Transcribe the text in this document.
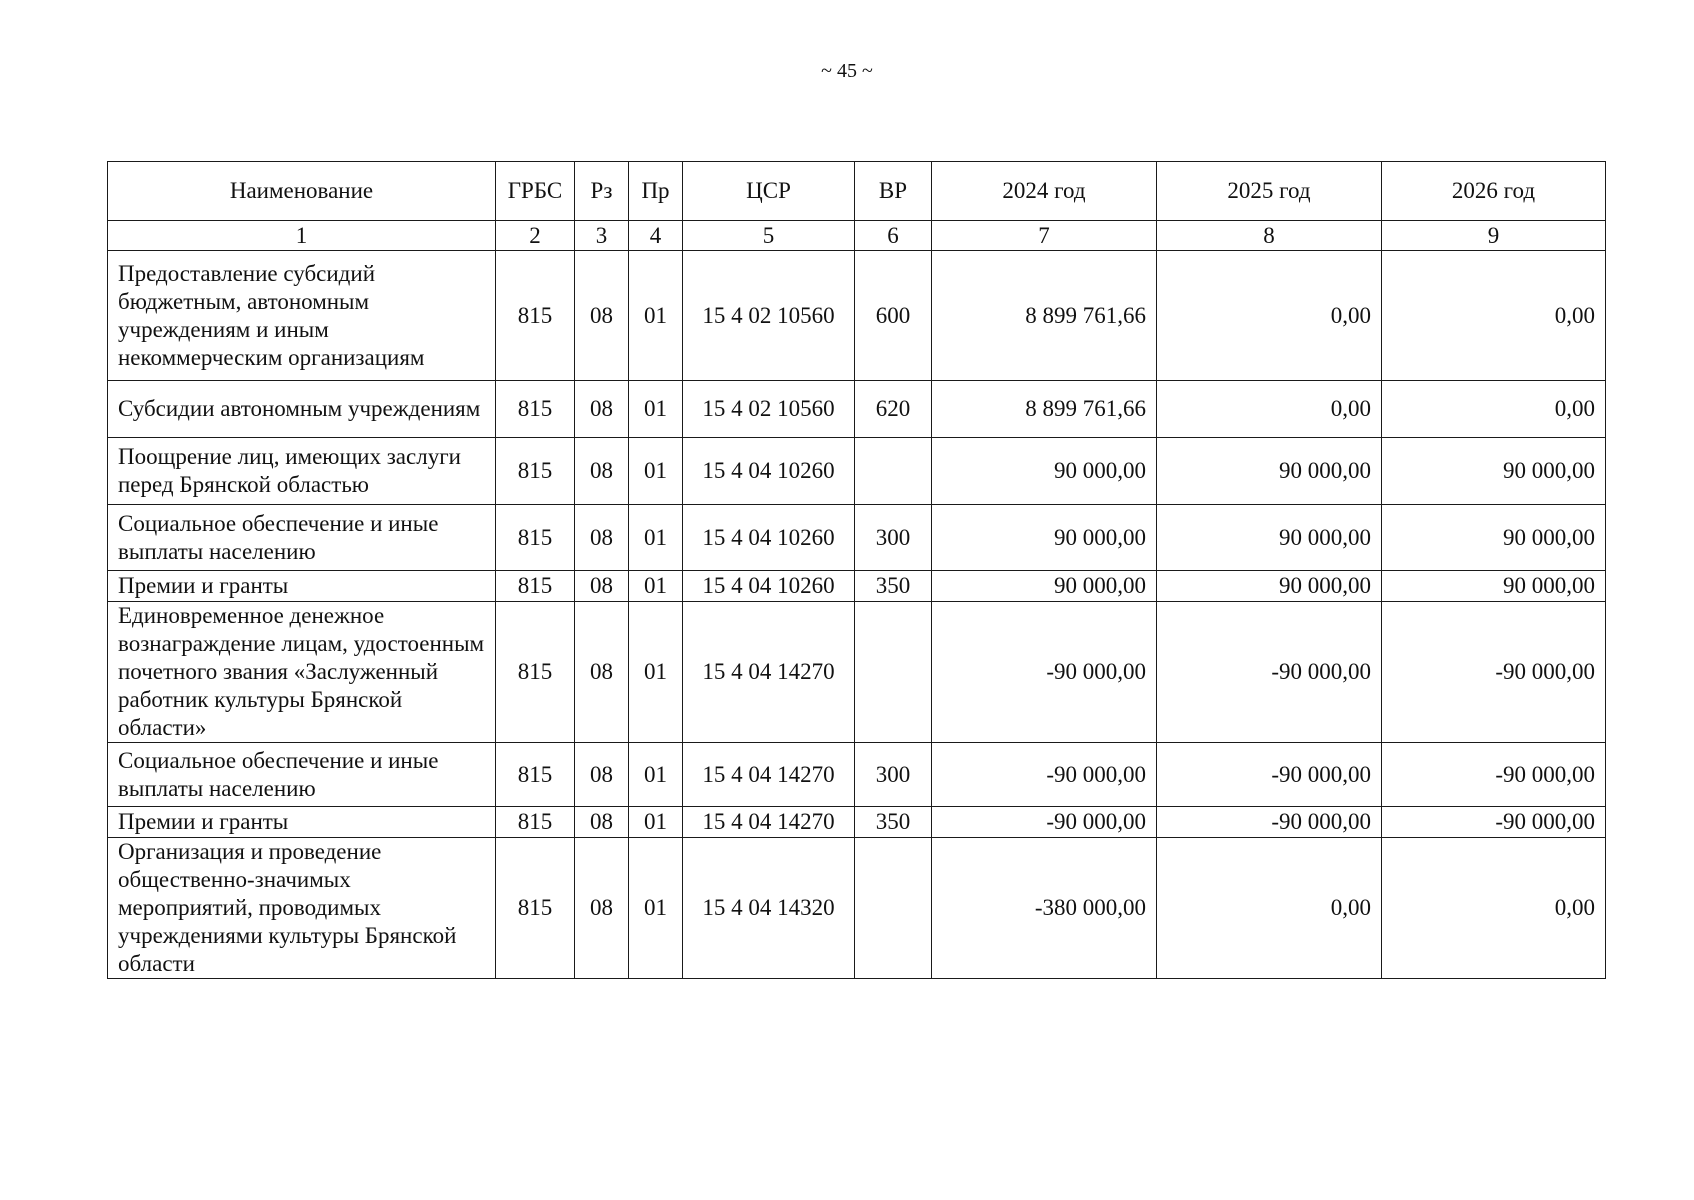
~ 45 ~
Наименование	ГРБС	Рз	Пр	ЦСР	ВР	2024 год	2025 год	2026 год
1	2	3	4	5	6	7	8	9
Предоставление субсидий бюджетным, автономным учреждениям и иным некоммерческим организациям	815	08	01	15 4 02 10560	600	8 899 761,66	0,00	0,00
Субсидии автономным учреждениям	815	08	01	15 4 02 10560	620	8 899 761,66	0,00	0,00
Поощрение лиц, имеющих заслуги перед Брянской областью	815	08	01	15 4 04 10260		90 000,00	90 000,00	90 000,00
Социальное обеспечение и иные выплаты населению	815	08	01	15 4 04 10260	300	90 000,00	90 000,00	90 000,00
Премии и гранты	815	08	01	15 4 04 10260	350	90 000,00	90 000,00	90 000,00
Единовременное денежное вознаграждение лицам, удостоенным почетного звания «Заслуженный работник культуры Брянской области»	815	08	01	15 4 04 14270		-90 000,00	-90 000,00	-90 000,00
Социальное обеспечение и иные выплаты населению	815	08	01	15 4 04 14270	300	-90 000,00	-90 000,00	-90 000,00
Премии и гранты	815	08	01	15 4 04 14270	350	-90 000,00	-90 000,00	-90 000,00
Организация и проведение общественно-значимых мероприятий, проводимых учреждениями культуры Брянской области	815	08	01	15 4 04 14320		-380 000,00	0,00	0,00
